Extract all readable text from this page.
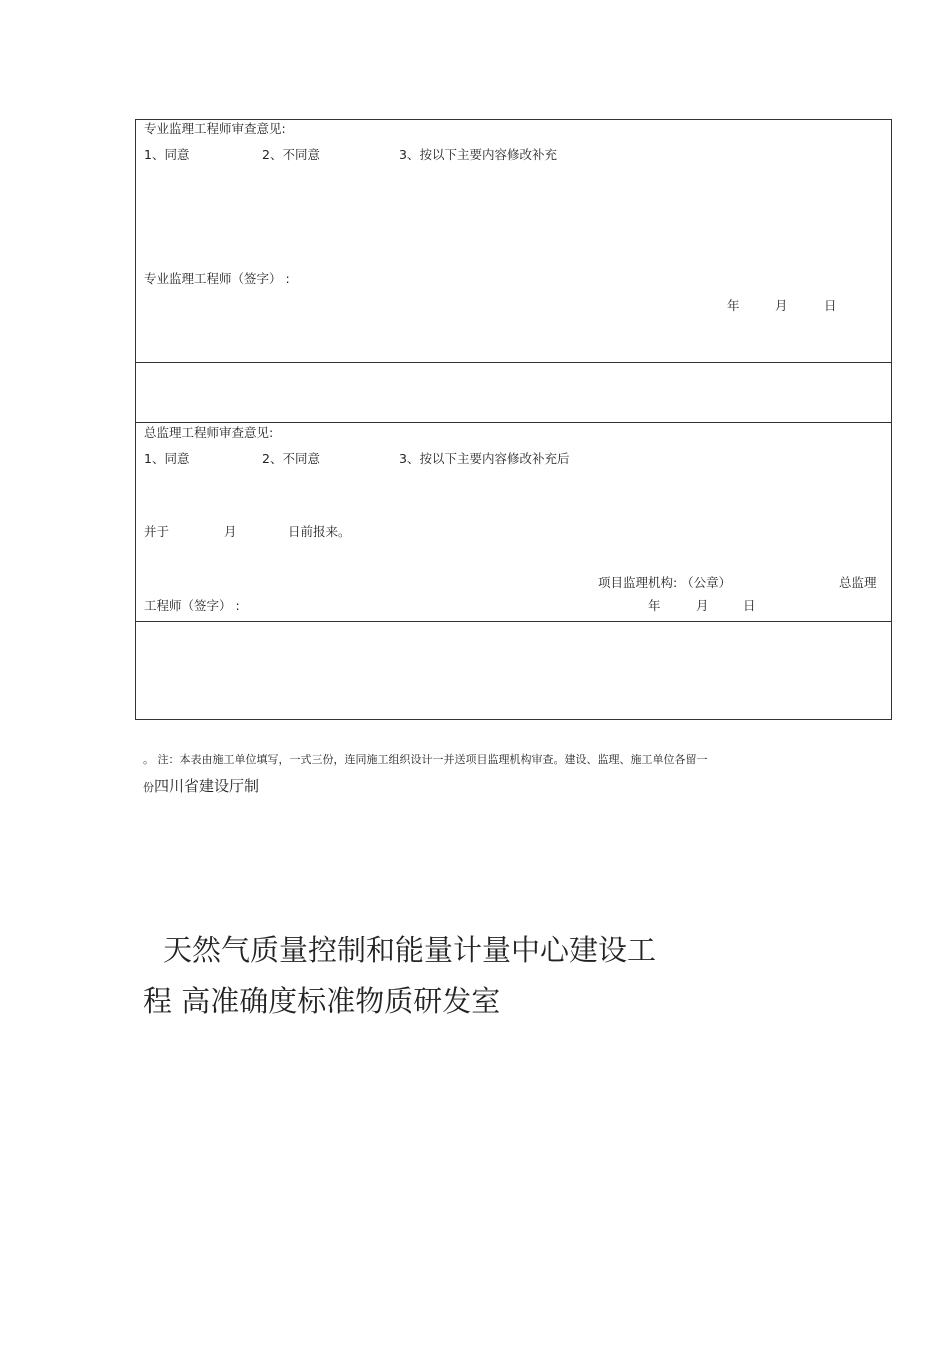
专业监理工程师审查意见:
1、同意	2、不同意	3、按以下主要内容修改补充
专业监理工程师（签字） :
年	月	日
总监理工程师审查意见:
1、同意	2、不同意	3、按以下主要内容修改补充后
并于	月	日前报来。
项目监理机构: （公章）	总监理
工程师（签字） :	年	月	日
。 注：本表由施工单位填写，一式三份，连同施工组织设计一并送项目监理机构审查。建设、监理、施工单位各留一
份四川省建设厅制
天然气质量控制和能量计量中心建设工
程 高准确度标准物质研发室
